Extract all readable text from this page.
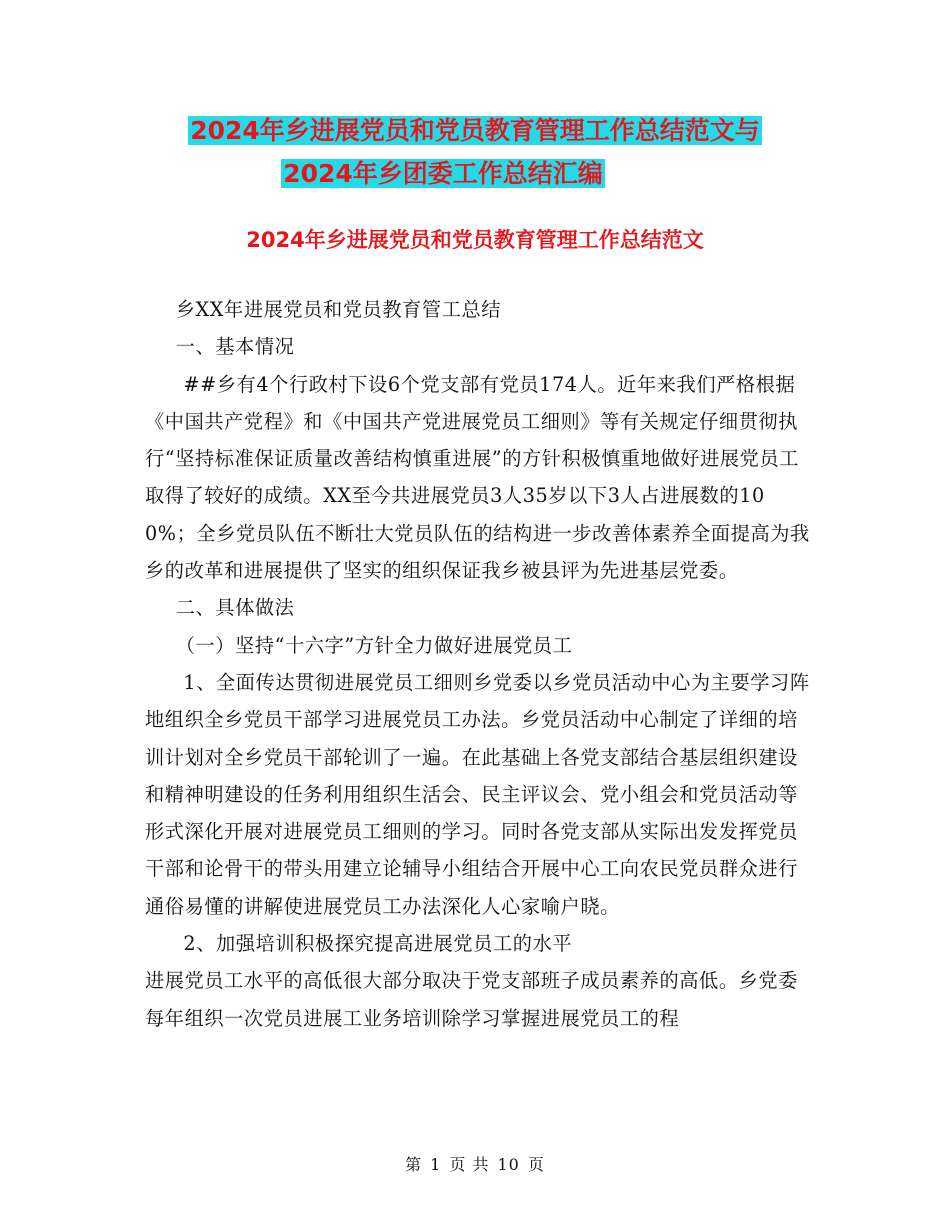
2024年乡进展党员和党员教育管理工作总结范文与
2024年乡团委工作总结汇编
2024年乡进展党员和党员教育管理工作总结范文

乡XX年进展党员和党员教育管工总结

一、基本情况

##乡有4个行政村下设6个党支部有党员174人。近年来我们严格根据《中国共产党程》和《中国共产党进展党员工细则》等有关规定仔细贯彻执行“坚持标准保证质量改善结构慎重进展”的方针积极慎重地做好进展党员工取得了较好的成绩。XX至今共进展党员3人35岁以下3人占进展数的100%；全乡党员队伍不断壮大党员队伍的结构进一步改善体素养全面提高为我乡的改革和进展提供了坚实的组织保证我乡被县评为先进基层党委。

二、具体做法

（一）坚持“十六字”方针全力做好进展党员工

1、全面传达贯彻进展党员工细则乡党委以乡党员活动中心为主要学习阵地组织全乡党员干部学习进展党员工办法。乡党员活动中心制定了详细的培训计划对全乡党员干部轮训了一遍。在此基础上各党支部结合基层组织建设和精神明建设的任务利用组织生活会、民主评议会、党小组会和党员活动等形式深化开展对进展党员工细则的学习。同时各党支部从实际出发发挥党员干部和论骨干的带头用建立论辅导小组结合开展中心工向农民党员群众进行通俗易懂的讲解使进展党员工办法深化人心家喻户晓。

2、加强培训积极探究提高进展党员工的水平

进展党员工水平的高低很大部分取决于党支部班子成员素养的高低。乡党委每年组织一次党员进展工业务培训除学习掌握进展党员工的程

第 1 页 共 10 页
